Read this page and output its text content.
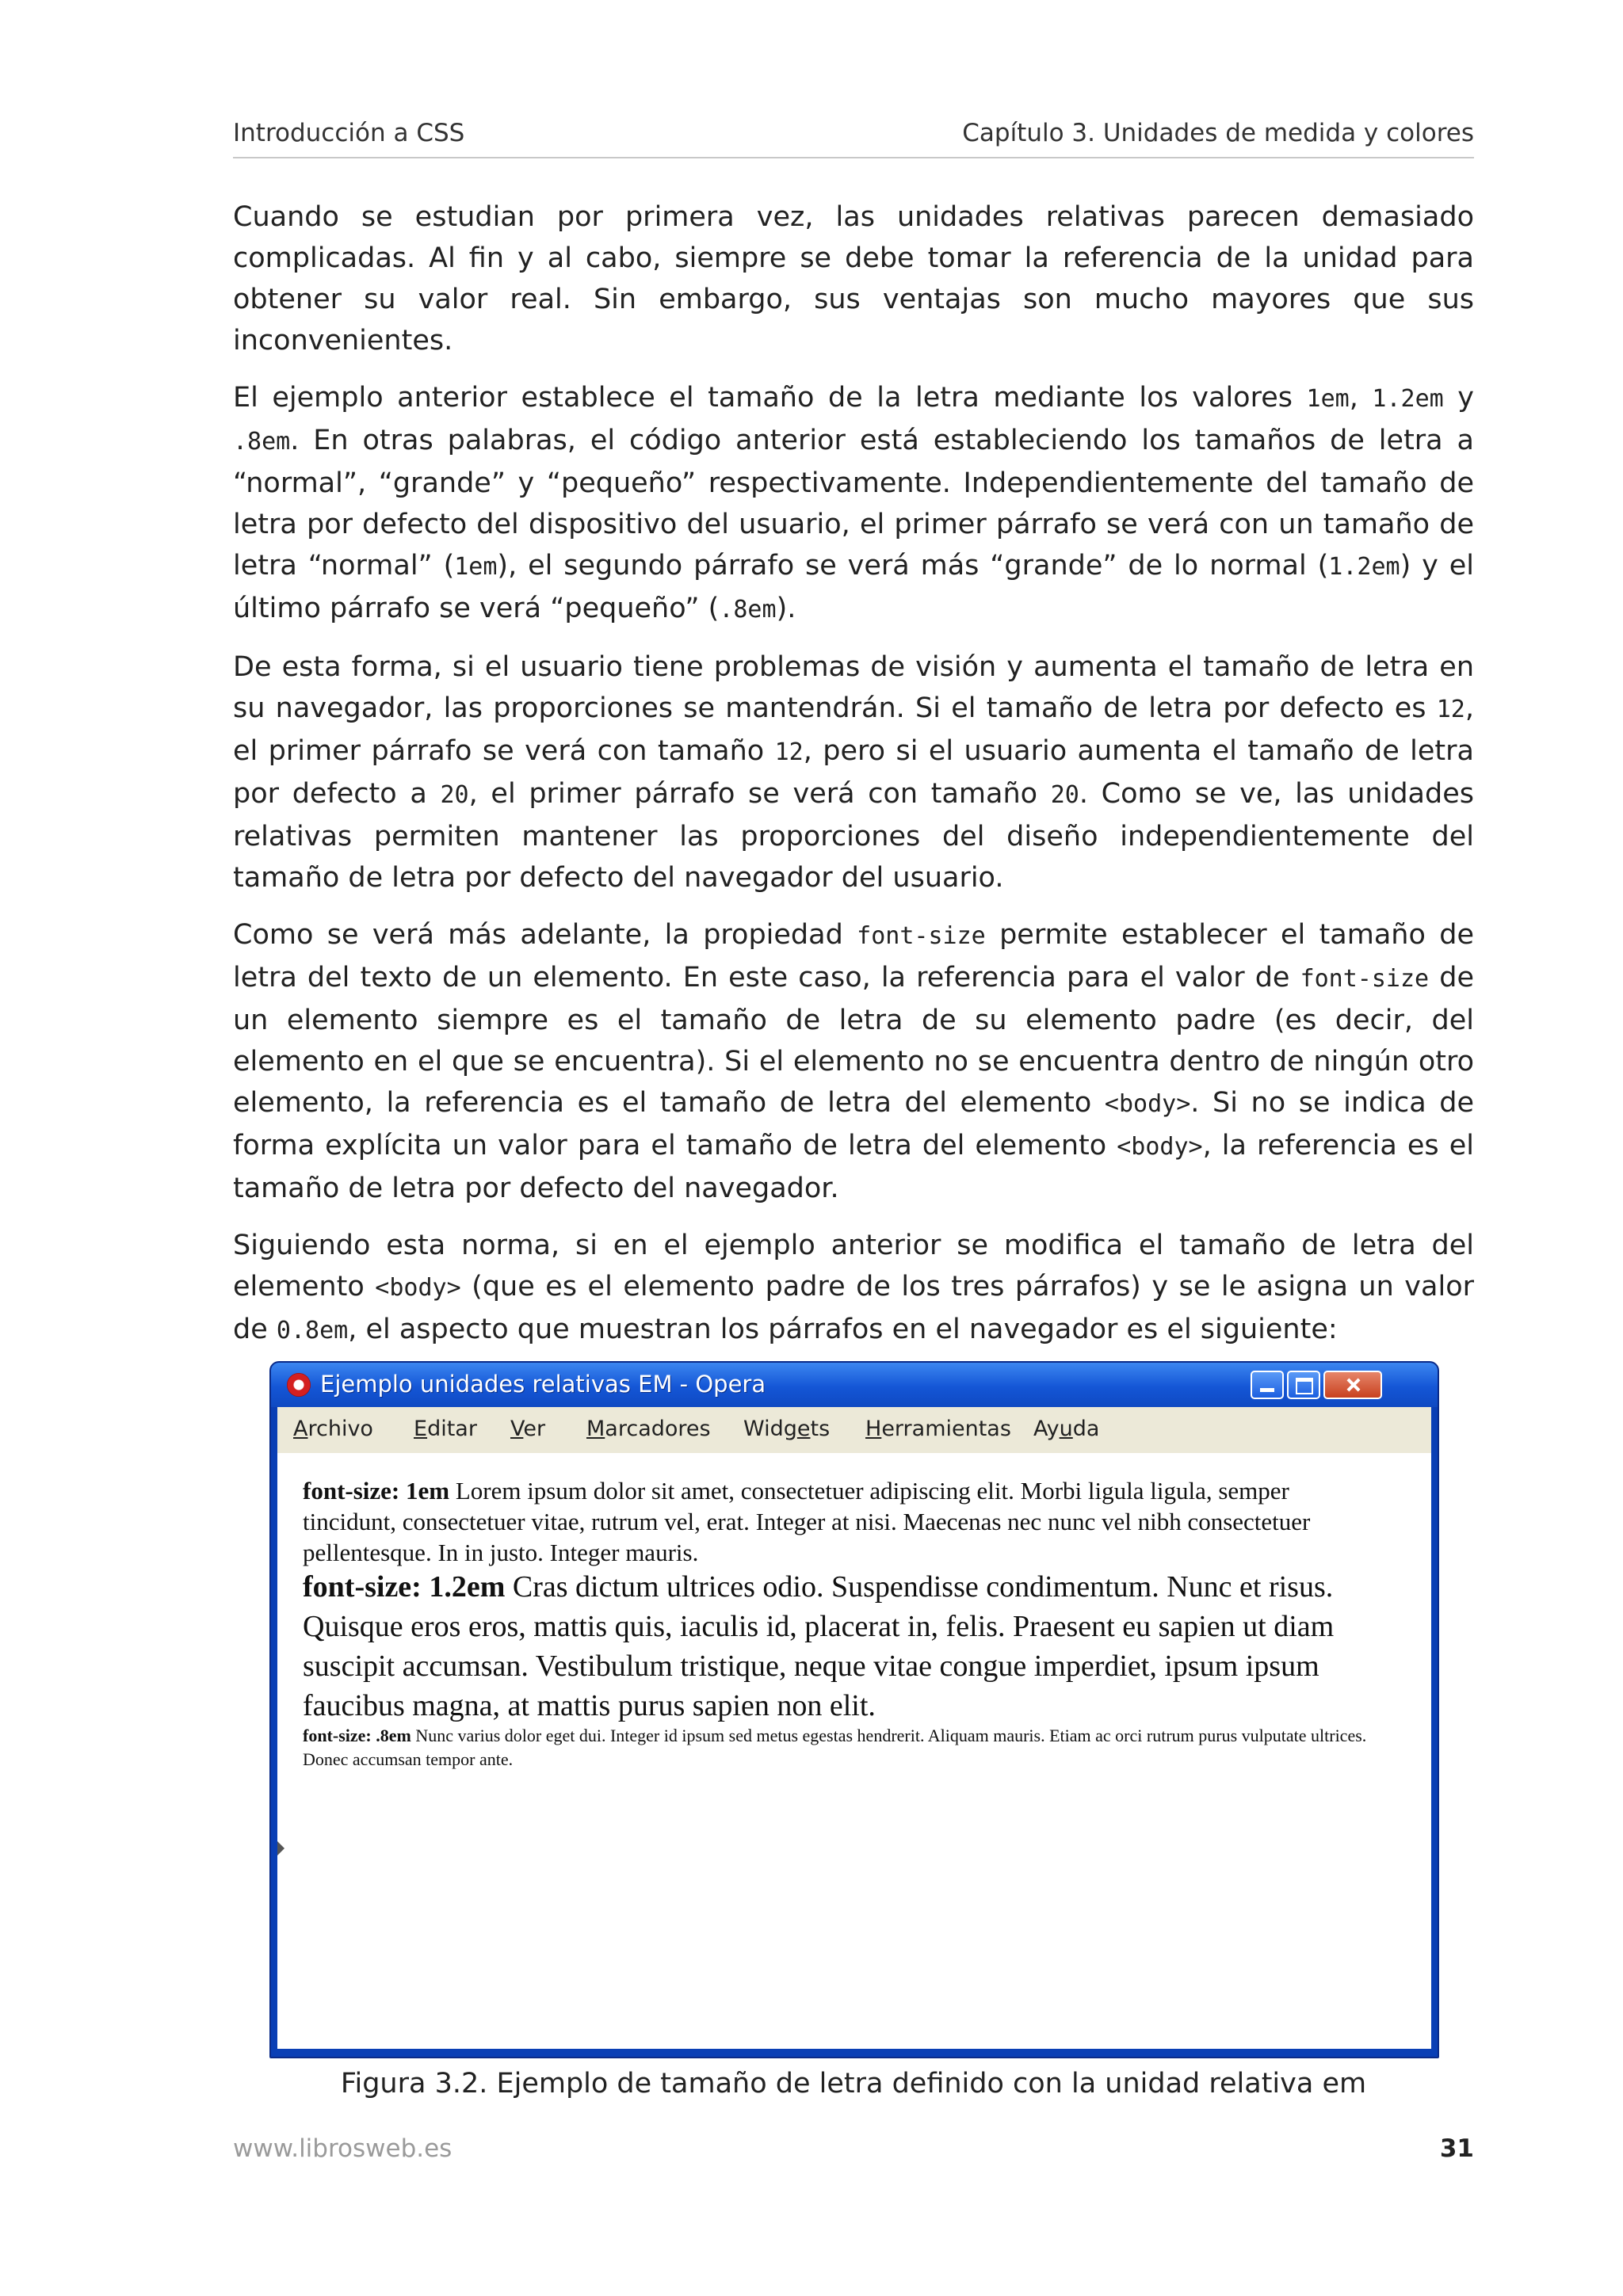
Introducción a CSS	Capítulo 3. Unidades de medida y colores

Cuando se estudian por primera vez, las unidades relativas parecen demasiado complicadas. Al fin y al cabo, siempre se debe tomar la referencia de la unidad para obtener su valor real. Sin embargo, sus ventajas son mucho mayores que sus inconvenientes.

El ejemplo anterior establece el tamaño de la letra mediante los valores 1em, 1.2em y .8em. En otras palabras, el código anterior está estableciendo los tamaños de letra a “normal”, “grande” y “pequeño” respectivamente. Independientemente del tamaño de letra por defecto del dispositivo del usuario, el primer párrafo se verá con un tamaño de letra “normal” (1em), el segundo párrafo se verá más “grande” de lo normal (1.2em) y el último párrafo se verá “pequeño” (.8em).

De esta forma, si el usuario tiene problemas de visión y aumenta el tamaño de letra en su navegador, las proporciones se mantendrán. Si el tamaño de letra por defecto es 12, el primer párrafo se verá con tamaño 12, pero si el usuario aumenta el tamaño de letra por defecto a 20, el primer párrafo se verá con tamaño 20. Como se ve, las unidades relativas permiten mantener las proporciones del diseño independientemente del tamaño de letra por defecto del navegador del usuario.

Como se verá más adelante, la propiedad font-size permite establecer el tamaño de letra del texto de un elemento. En este caso, la referencia para el valor de font-size de un elemento siempre es el tamaño de letra de su elemento padre (es decir, del elemento en el que se encuentra). Si el elemento no se encuentra dentro de ningún otro elemento, la referencia es el tamaño de letra del elemento <body>. Si no se indica de forma explícita un valor para el tamaño de letra del elemento <body>, la referencia es el tamaño de letra por defecto del navegador.

Siguiendo esta norma, si en el ejemplo anterior se modifica el tamaño de letra del elemento <body> (que es el elemento padre de los tres párrafos) y se le asigna un valor de 0.8em, el aspecto que muestran los párrafos en el navegador es el siguiente:

Ejemplo unidades relativas EM - Opera
Archivo Editar Ver Marcadores Widgets Herramientas Ayuda

font-size: 1em Lorem ipsum dolor sit amet, consectetuer adipiscing elit. Morbi ligula ligula, semper tincidunt, consectetuer vitae, rutrum vel, erat. Integer at nisi. Maecenas nec nunc vel nibh consectetuer pellentesque. In in justo. Integer mauris.

font-size: 1.2em Cras dictum ultrices odio. Suspendisse condimentum. Nunc et risus. Quisque eros eros, mattis quis, iaculis id, placerat in, felis. Praesent eu sapien ut diam suscipit accumsan. Vestibulum tristique, neque vitae congue imperdiet, ipsum ipsum faucibus magna, at mattis purus sapien non elit.

font-size: .8em Nunc varius dolor eget dui. Integer id ipsum sed metus egestas hendrerit. Aliquam mauris. Etiam ac orci rutrum purus vulputate ultrices. Donec accumsan tempor ante.

Figura 3.2. Ejemplo de tamaño de letra definido con la unidad relativa em
www.librosweb.es	31
